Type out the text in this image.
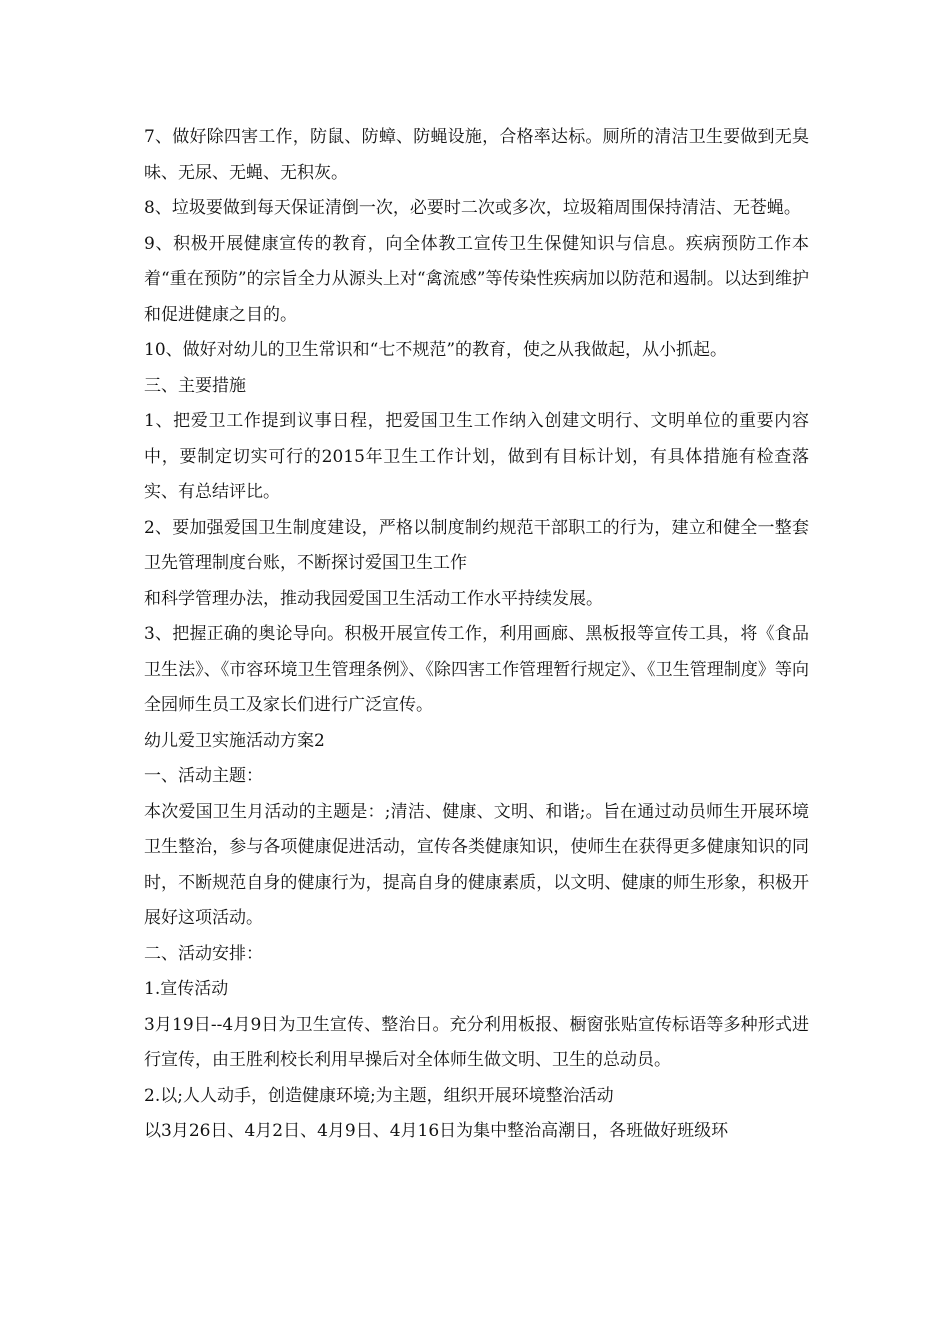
7、做好除四害工作，防鼠、防蟑、防蝇设施，合格率达标。厕所的清洁卫生要做到无臭味、无尿、无蝇、无积灰。

8、垃圾要做到每天保证清倒一次，必要时二次或多次，垃圾箱周围保持清洁、无苍蝇。

9、积极开展健康宣传的教育，向全体教工宣传卫生保健知识与信息。疾病预防工作本着“重在预防”的宗旨全力从源头上对“禽流感”等传染性疾病加以防范和遏制。以达到维护和促进健康之目的。

10、做好对幼儿的卫生常识和“七不规范”的教育，使之从我做起，从小抓起。

三、主要措施

1、把爱卫工作提到议事日程，把爱国卫生工作纳入创建文明行、文明单位的重要内容中，要制定切实可行的2015年卫生工作计划，做到有目标计划，有具体措施有检查落实、有总结评比。

2、要加强爱国卫生制度建设，严格以制度制约规范干部职工的行为，建立和健全一整套卫先管理制度台账，不断探讨爱国卫生工作

和科学管理办法，推动我园爱国卫生活动工作水平持续发展。

3、把握正确的奥论导向。积极开展宣传工作，利用画廊、黑板报等宣传工具，将《食品卫生法》、《市容环境卫生管理条例》、《除四害工作管理暂行规定》、《卫生管理制度》等向全园师生员工及家长们进行广泛宣传。

幼儿爱卫实施活动方案2

一、活动主题：

本次爱国卫生月活动的主题是：;清洁、健康、文明、和谐;。旨在通过动员师生开展环境卫生整治，参与各项健康促进活动，宣传各类健康知识，使师生在获得更多健康知识的同时，不断规范自身的健康行为，提高自身的健康素质，以文明、健康的师生形象，积极开展好这项活动。

二、活动安排：

1.宣传活动

3月19日--4月9日为卫生宣传、整治日。充分利用板报、橱窗张贴宣传标语等多种形式进行宣传，由王胜利校长利用早操后对全体师生做文明、卫生的总动员。

2.以;人人动手，创造健康环境;为主题，组织开展环境整治活动

以3月26日、4月2日、4月9日、4月16日为集中整治高潮日，各班做好班级环
